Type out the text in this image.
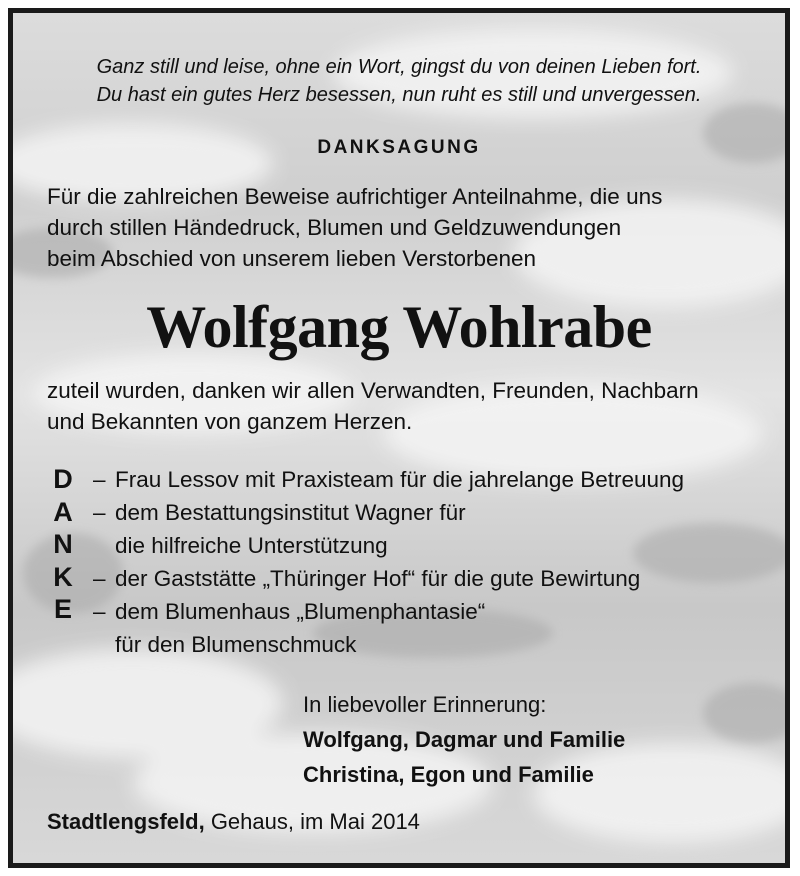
Ganz still und leise, ohne ein Wort, gingst du von deinen Lieben fort.
Du hast ein gutes Herz besessen, nun ruht es still und unvergessen.
DANKSAGUNG
Für die zahlreichen Beweise aufrichtiger Anteilnahme, die uns
durch stillen Händedruck, Blumen und Geldzuwendungen
beim Abschied von unserem lieben Verstorbenen
Wolfgang Wohlrabe
zuteil wurden, danken wir allen Verwandten, Freunden, Nachbarn
und Bekannten von ganzem Herzen.
D
A
N
K
E
– Frau Lessov mit Praxisteam für die jahrelange Betreuung
– dem Bestattungsinstitut Wagner für
die hilfreiche Unterstützung
– der Gaststätte „Thüringer Hof“ für die gute Bewirtung
– dem Blumenhaus „Blumenphantasie“
für den Blumenschmuck
In liebevoller Erinnerung:
Wolfgang, Dagmar und Familie
Christina, Egon und Familie
Stadtlengsfeld, Gehaus, im Mai 2014
